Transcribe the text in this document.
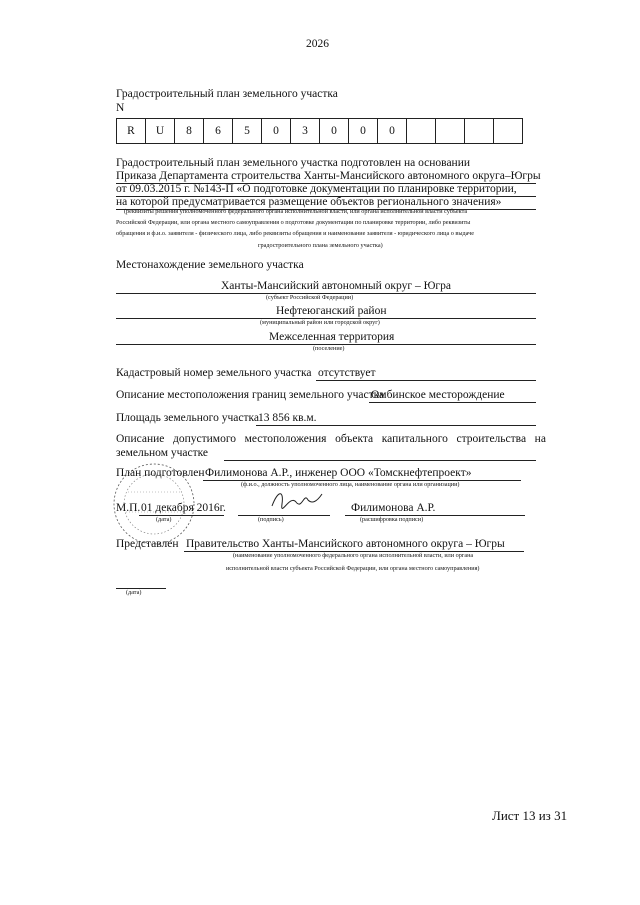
2026
Градостроительный план земельного участка
N
R	U	8	6	5	0	3	0	0	0
Градостроительный план земельного участка подготовлен на основании
Приказа Департамента строительства Ханты-Мансийского автономного округа–Югры
от 09.03.2015 г. №143-П «О подготовке документации по планировке территории,
на которой предусматривается размещение объектов регионального значения»
(реквизиты решения уполномоченного федерального органа исполнительной власти, или органа исполнительной власти субъекта
Российской Федерации, или органа местного самоуправления о подготовке документации по планировке территории, либо реквизиты
обращения и ф.и.о. заявителя - физического лица, либо реквизиты обращения и наименование заявителя - юридического лица о выдаче
градостроительного плана земельного участка)
Местонахождение земельного участка
Ханты-Мансийский автономный округ – Югра
(субъект Российской Федерации)
Нефтеюганский район
(муниципальный район или городской округ)
Межселенная территория
(поселение)
Кадастровый номер земельного участка отсутствует
Описание местоположения границ земельного участка
Омбинское месторождение
Площадь земельного участка 13 856 кв.м.
Описание допустимого местоположения объекта капитального строительства на
земельном участке
План подготовлен Филимонова А.Р., инженер ООО «Томскнефтепроект»
(ф.и.о., должность уполномоченного лица, наименование органа или организации)
М.П. 01 декабря 2016г.
(дата)	(подпись)
Филимонова А.Р.
(расшифровка подписи)
Представлен Правительство Ханты-Мансийского автономного округа – Югры
(наименование уполномоченного федерального органа исполнительной власти, или органа
исполнительной власти субъекта Российской Федерации, или органа местного самоуправления)
(дата)
Лист 13 из 31
